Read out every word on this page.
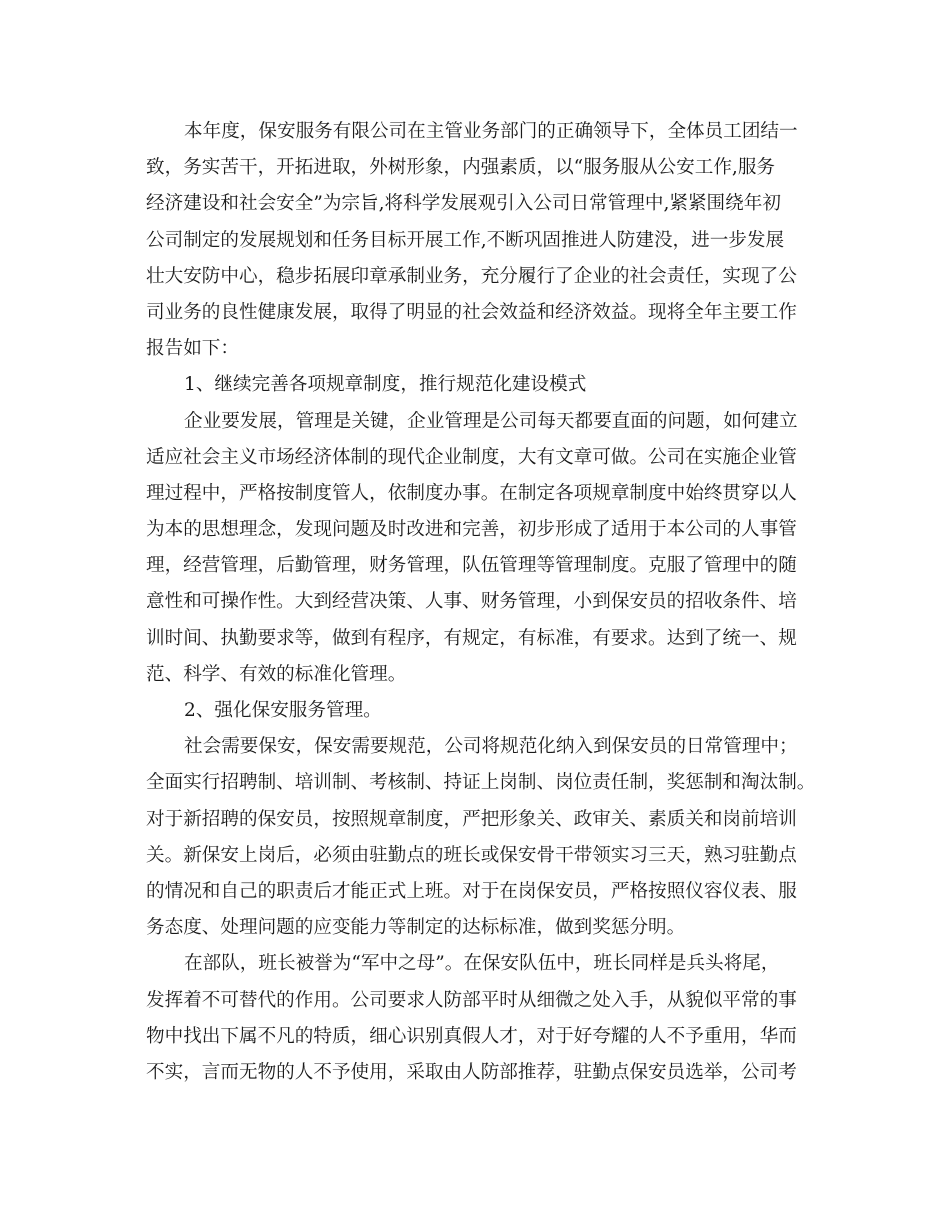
本年度，保安服务有限公司在主管业务部门的正确领导下，全体员工团结一
致，务实苦干，开拓进取，外树形象，内强素质，以“服务服从公安工作,服务
经济建设和社会安全”为宗旨,将科学发展观引入公司日常管理中,紧紧围绕年初
公司制定的发展规划和任务目标开展工作,不断巩固推进人防建没，进一步发展
壮大安防中心，稳步拓展印章承制业务，充分履行了企业的社会责任，实现了公
司业务的良性健康发展，取得了明显的社会效益和经济效益。现将全年主要工作
报告如下：
1、继续完善各项规章制度，推行规范化建设模式
企业要发展，管理是关键，企业管理是公司每天都要直面的问题，如何建立
适应社会主义市场经济体制的现代企业制度，大有文章可做。公司在实施企业管
理过程中，严格按制度管人，依制度办事。在制定各项规章制度中始终贯穿以人
为本的思想理念，发现问题及时改进和完善，初步形成了适用于本公司的人事管
理，经营管理，后勤管理，财务管理，队伍管理等管理制度。克服了管理中的随
意性和可操作性。大到经营决策、人事、财务管理，小到保安员的招收条件、培
训时间、执勤要求等，做到有程序，有规定，有标准，有要求。达到了统一、规
范、科学、有效的标准化管理。
2、强化保安服务管理。
社会需要保安，保安需要规范，公司将规范化纳入到保安员的日常管理中；
全面实行招聘制、培训制、考核制、持证上岗制、岗位责任制，奖惩制和淘汰制。
对于新招聘的保安员，按照规章制度，严把形象关、政审关、素质关和岗前培训
关。新保安上岗后，必须由驻勤点的班长或保安骨干带领实习三天，熟习驻勤点
的情况和自己的职责后才能正式上班。对于在岗保安员，严格按照仪容仪表、服
务态度、处理问题的应变能力等制定的达标标准，做到奖惩分明。
在部队，班长被誉为“军中之母”。在保安队伍中，班长同样是兵头将尾，
发挥着不可替代的作用。公司要求人防部平时从细微之处入手，从貌似平常的事
物中找出下属不凡的特质，细心识别真假人才，对于好夸耀的人不予重用，华而
不实，言而无物的人不予使用，采取由人防部推荐，驻勤点保安员选举，公司考
